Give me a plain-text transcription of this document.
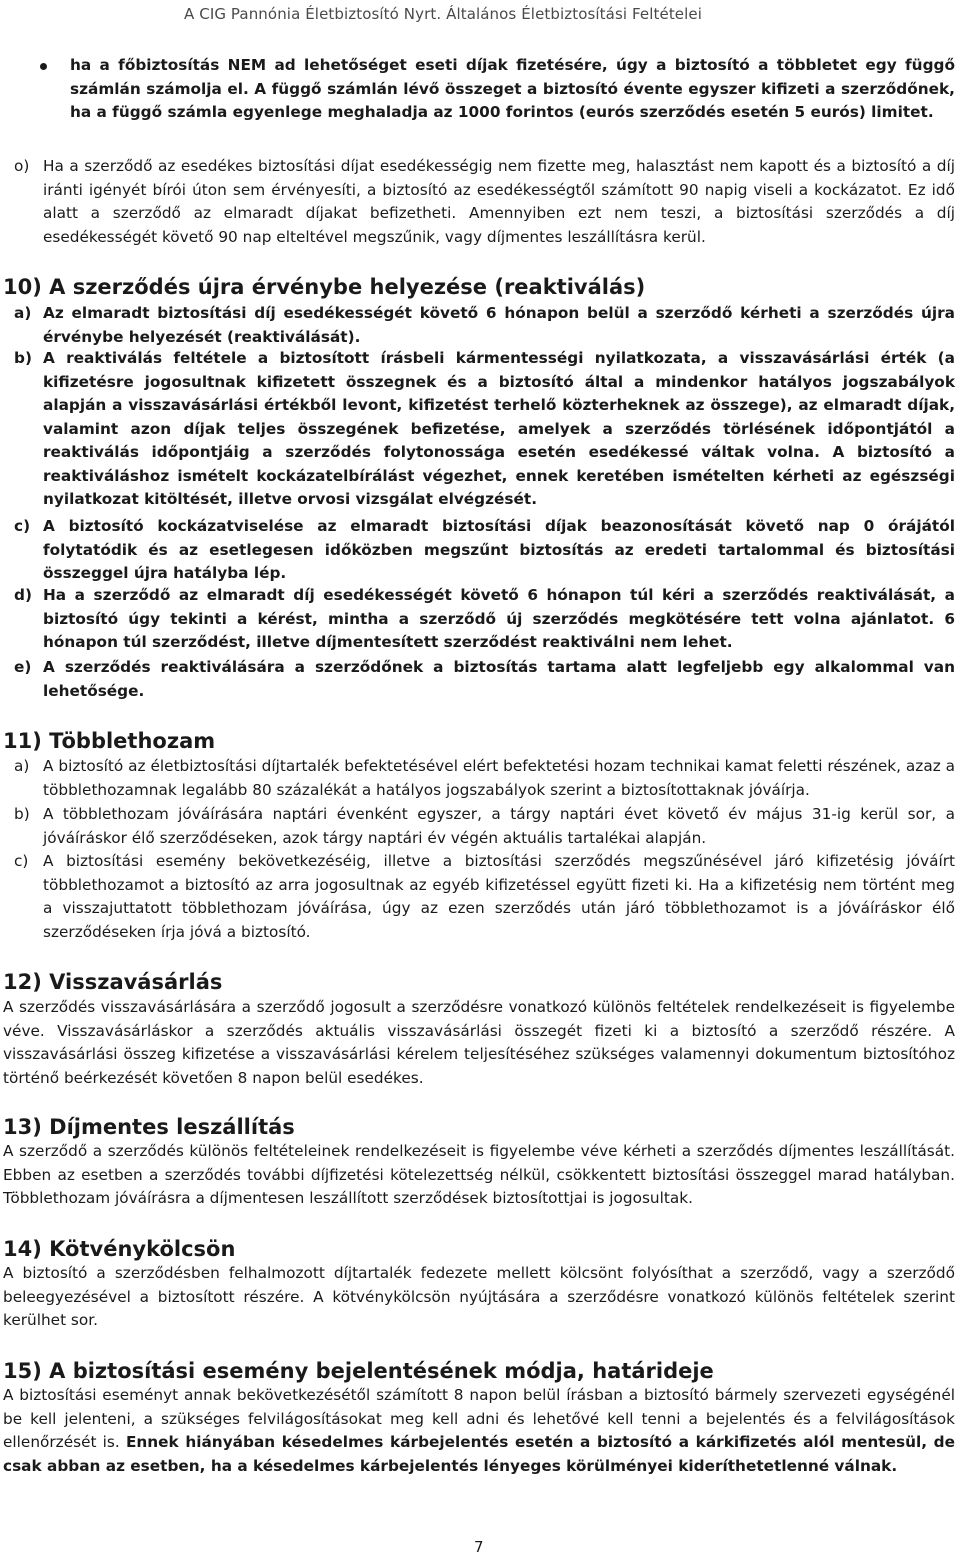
A CIG Pannónia Életbiztosító Nyrt. Általános Életbiztosítási Feltételei
ha a főbiztosítás NEM ad lehetőséget eseti díjak fizetésére, úgy a biztosító a többletet egy függő számlán számolja el. A függő számlán lévő összeget a biztosító évente egyszer kifizeti a szerződőnek, ha a függő számla egyenlege meghaladja az 1000 forintos (eurós szerződés esetén 5 eurós) limitet.
o) Ha a szerződő az esedékes biztosítási díjat esedékességig nem fizette meg, halasztást nem kapott és a biztosító a díj iránti igényét bírói úton sem érvényesíti, a biztosító az esedékességtől számított 90 napig viseli a kockázatot. Ez idő alatt a szerződő az elmaradt díjakat befizetheti. Amennyiben ezt nem teszi, a biztosítási szerződés a díj esedékességét követő 90 nap elteltével megszűnik, vagy díjmentes leszállításra kerül.
10) A szerződés újra érvénybe helyezése (reaktiválás)
a) Az elmaradt biztosítási díj esedékességét követő 6 hónapon belül a szerződő kérheti a szerződés újra érvénybe helyezését (reaktiválását).
b) A reaktiválás feltétele a biztosított írásbeli kármentességi nyilatkozata, a visszavásárlási érték (a kifizetésre jogosultnak kifizetett összegnek és a biztosító által a mindenkor hatályos jogszabályok alapján a visszavásárlási értékből levont, kifizetést terhelő közterheknek az összege), az elmaradt díjak, valamint azon díjak teljes összegének befizetése, amelyek a szerződés törlésének időpontjától a reaktiválás időpontjáig a szerződés folytonossága esetén esedékessé váltak volna. A biztosító a reaktiváláshoz ismételt kockázatelbírálást végezhet, ennek keretében ismételten kérheti az egészségi nyilatkozat kitöltését, illetve orvosi vizsgálat elvégzését.
c) A biztosító kockázatviselése az elmaradt biztosítási díjak beazonosítását követő nap 0 órájától folytatódik és az esetlegesen időközben megszűnt biztosítás az eredeti tartalommal és biztosítási összeggel újra hatályba lép.
d) Ha a szerződő az elmaradt díj esedékességét követő 6 hónapon túl kéri a szerződés reaktiválását, a biztosító úgy tekinti a kérést, mintha a szerződő új szerződés megkötésére tett volna ajánlatot. 6 hónapon túl szerződést, illetve díjmentesített szerződést reaktiválni nem lehet.
e) A szerződés reaktiválására a szerződőnek a biztosítás tartama alatt legfeljebb egy alkalommal van lehetősége.
11) Többlethozam
a) A biztosító az életbiztosítási díjtartalék befektetésével elért befektetési hozam technikai kamat feletti részének, azaz a többlethozamnak legalább 80 százalékát a hatályos jogszabályok szerint a biztosítottaknak jóváírja.
b) A többlethozam jóváírására naptári évenként egyszer, a tárgy naptári évet követő év május 31-ig kerül sor, a jóváíráskor élő szerződéseken, azok tárgy naptári év végén aktuális tartalékai alapján.
c) A biztosítási esemény bekövetkezéséig, illetve a biztosítási szerződés megszűnésével járó kifizetésig jóváírt többlethozamot a biztosító az arra jogosultnak az egyéb kifizetéssel együtt fizeti ki. Ha a kifizetésig nem történt meg a visszajuttatott többlethozam jóváírása, úgy az ezen szerződés után járó többlethozamot is a jóváíráskor élő szerződéseken írja jóvá a biztosító.
12) Visszavásárlás
A szerződés visszavásárlására a szerződő jogosult a szerződésre vonatkozó különös feltételek rendelkezéseit is figyelembe véve. Visszavásárláskor a szerződés aktuális visszavásárlási összegét fizeti ki a biztosító a szerződő részére. A visszavásárlási összeg kifizetése a visszavásárlási kérelem teljesítéséhez szükséges valamennyi dokumentum biztosítóhoz történő beérkezését követően 8 napon belül esedékes.
13) Díjmentes leszállítás
A szerződő a szerződés különös feltételeinek rendelkezéseit is figyelembe véve kérheti a szerződés díjmentes leszállítását. Ebben az esetben a szerződés további díjfizetési kötelezettség nélkül, csökkentett biztosítási összeggel marad hatályban. Többlethozam jóváírásra a díjmentesen leszállított szerződések biztosítottjai is jogosultak.
14) Kötvénykölcsön
A biztosító a szerződésben felhalmozott díjtartalék fedezete mellett kölcsönt folyósíthat a szerződő, vagy a szerződő beleegyezésével a biztosított részére. A kötvénykölcsön nyújtására a szerződésre vonatkozó különös feltételek szerint kerülhet sor.
15) A biztosítási esemény bejelentésének módja, határideje
A biztosítási eseményt annak bekövetkezésétől számított 8 napon belül írásban a biztosító bármely szervezeti egységénél be kell jelenteni, a szükséges felvilágosításokat meg kell adni és lehetővé kell tenni a bejelentés és a felvilágosítások ellenőrzését is. Ennek hiányában késedelmes kárbejelentés esetén a biztosító a kárkifizetés alól mentesül, de csak abban az esetben, ha a késedelmes kárbejelentés lényeges körülményei kideríthetetlenné válnak.
7
